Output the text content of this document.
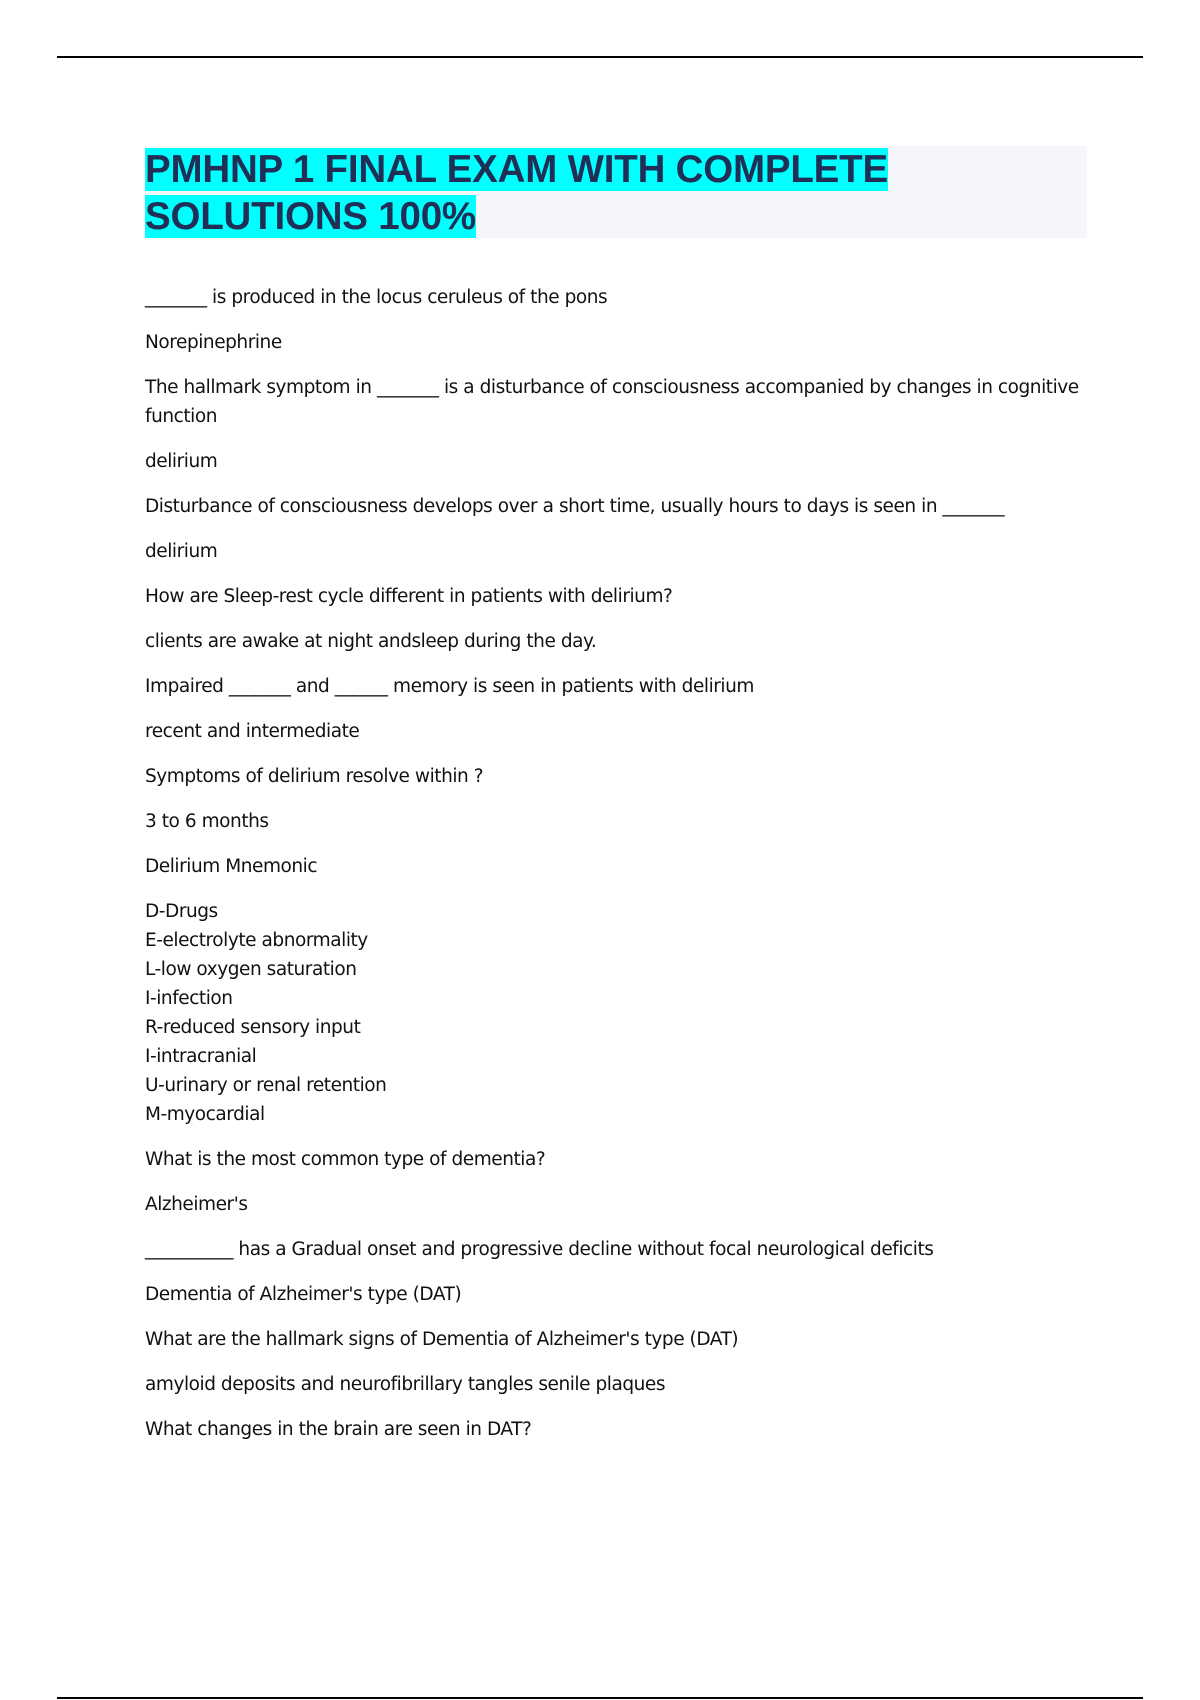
PMHNP 1 FINAL EXAM WITH COMPLETE
SOLUTIONS 100%

_______ is produced in the locus ceruleus of the pons

Norepinephrine

The hallmark symptom in _______ is a disturbance of consciousness accompanied by changes in cognitive function

delirium

Disturbance of consciousness develops over a short time, usually hours to days is seen in _______

delirium

How are Sleep-rest cycle different in patients with delirium?

clients are awake at night andsleep during the day.

Impaired _______ and ______ memory is seen in patients with delirium

recent and intermediate

Symptoms of delirium resolve within ?

3 to 6 months

Delirium Mnemonic

D-Drugs
E-electrolyte abnormality
L-low oxygen saturation
I-infection
R-reduced sensory input
I-intracranial
U-urinary or renal retention
M-myocardial

What is the most common type of dementia?

Alzheimer's

__________ has a Gradual onset and progressive decline without focal neurological deficits

Dementia of Alzheimer's type (DAT)

What are the hallmark signs of Dementia of Alzheimer's type (DAT)

amyloid deposits and neurofibrillary tangles senile plaques

What changes in the brain are seen in DAT?
